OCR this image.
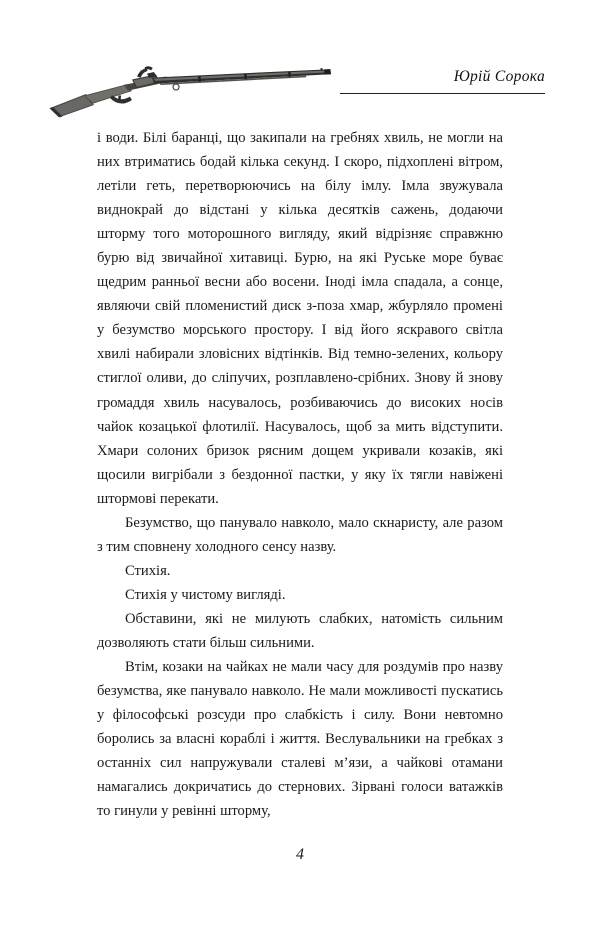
Юрій Сорока

і води. Білі баранці, що закипали на гребнях хвиль, не могли на них втриматись бодай кілька секунд. І скоро, підхоплені вітром, летіли геть, перетворюючись на білу імлу. Імла звужувала виднокрай до відстані у кілька десятків сажень, додаючи шторму того моторошного вигляду, який відрізняє справжню бурю від звичайної хитавиці. Бурю, на які Руське море буває щедрим ранньої весни або восени. Іноді імла спадала, а сонце, являючи свій пломенистий диск з-поза хмар, жбурляло промені у безумство морського простору. І від його яскравого світла хвилі набирали зловісних відтінків. Від темно-зелених, кольору стиглої оливи, до сліпучих, розплавлено-срібних. Знову й знову громаддя хвиль насувалось, розбиваючись до високих носів чайок козацької флотилії. Насувалось, щоб за мить відступити. Хмари солоних бризок рясним дощем укривали козаків, які щосили вигрібали з бездонної пастки, у яку їх тягли навіжені штормові перекати.

Безумство, що панувало навколо, мало скнаристу, але разом з тим сповнену холодного сенсу назву.

Стихія.

Стихія у чистому вигляді.

Обставини, які не милують слабких, натомість сильним дозволяють стати більш сильними.

Втім, козаки на чайках не мали часу для роздумів про назву безумства, яке панувало навколо. Не мали можливості пускатись у філософські розсуди про слабкість і силу. Вони невтомно боролись за власні кораблі і життя. Веслувальники на гребках з останніх сил напружували сталеві м’язи, а чайкові отамани намагались докричатись до стернових. Зірвані голоси ватажків то гинули у ревінні шторму,

4
